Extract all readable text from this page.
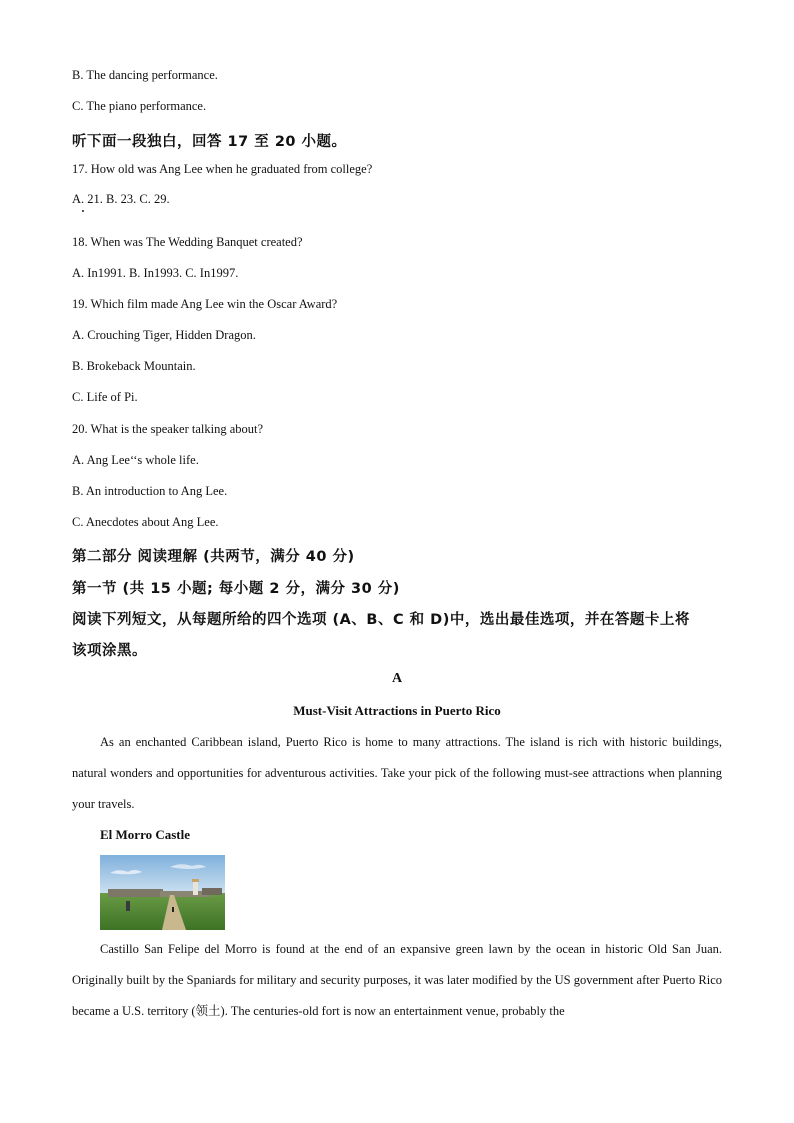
B. The dancing performance.
C. The piano performance.
听下面一段独白，回答 17 至 20 小题。
17. How old was Ang Lee when he graduated from college?
A. 21. B. 23. C. 29.
18. When was The Wedding Banquet created?
A. In1991. B. In1993. C. In1997.
19. Which film made Ang Lee win the Oscar Award?
A. Crouching Tiger, Hidden Dragon.
B. Brokeback Mountain.
C. Life of Pi.
20. What is the speaker talking about?
A. Ang Lee‘‘s whole life.
B. An introduction to Ang Lee.
C. Anecdotes about Ang Lee.
第二部分 阅读理解 (共两节，满分 40 分)
第一节 (共 15 小题; 每小题 2 分，满分 30 分)
阅读下列短文，从每题所给的四个选项 (A、B、C 和 D)中，选出最佳选项，并在答题卡上将
该项涂黑。
A
Must-Visit Attractions in Puerto Rico
As an enchanted Caribbean island, Puerto Rico is home to many attractions. The island is rich with historic buildings, natural wonders and opportunities for adventurous activities. Take your pick of the following must-see attractions when planning your travels.
El Morro Castle
Castillo San Felipe del Morro is found at the end of an expansive green lawn by the ocean in historic Old San Juan. Originally built by the Spaniards for military and security purposes, it was later modified by the US government after Puerto Rico became a U.S. territory (领土). The centuries-old fort is now an entertainment venue, probably the
